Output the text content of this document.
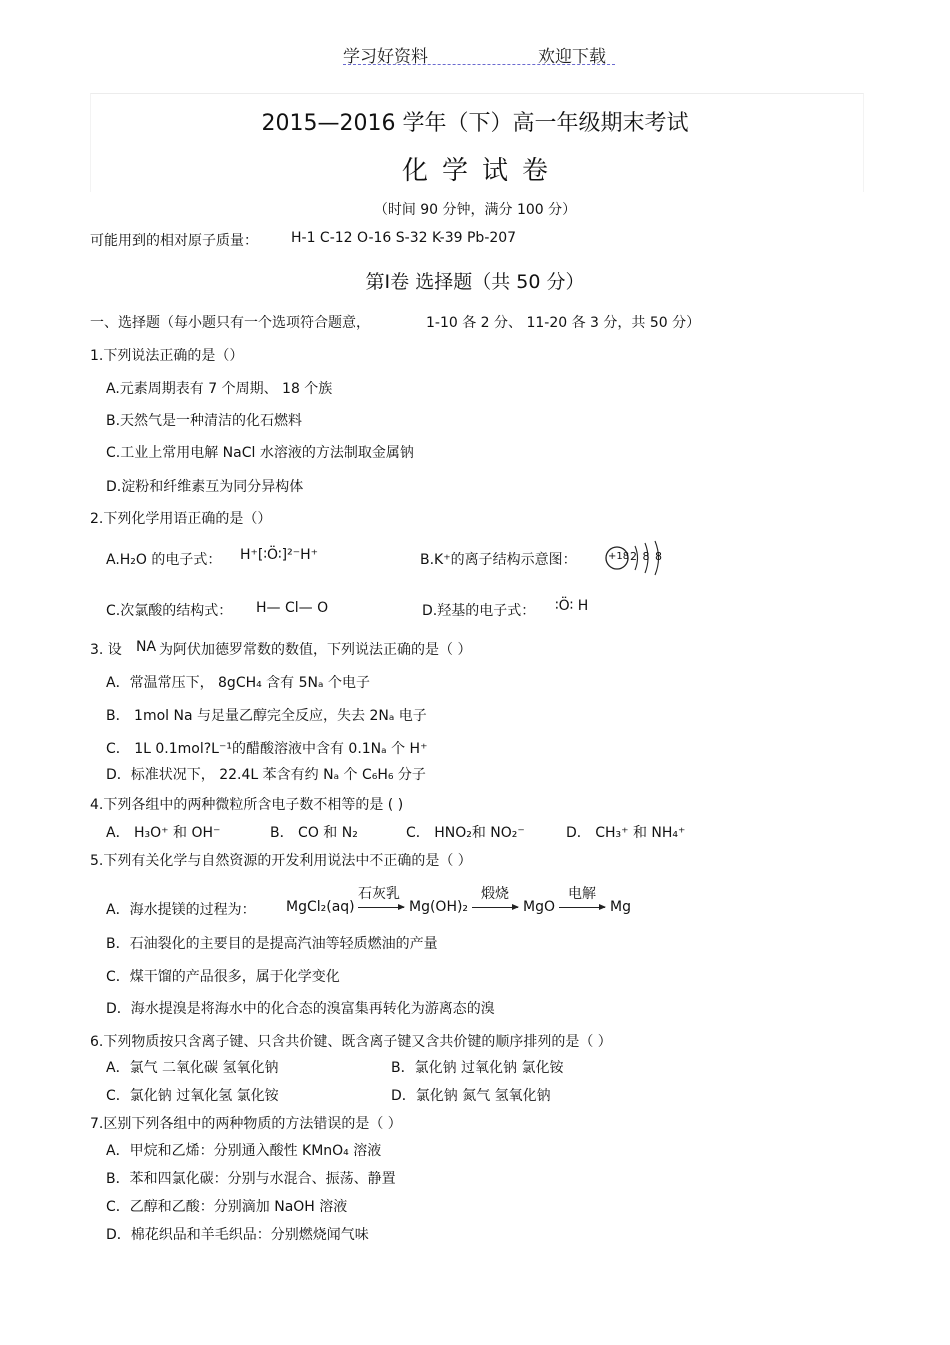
学习好资料	欢迎下载
2015—2016 学年（下）高一年级期末考试
化学试卷
（时间 90 分钟，满分 100 分）
可能用到的相对原子质量： H-1 C-12 O-16 S-32 K-39 Pb-207
第Ⅰ卷 选择题（共 50 分）
一、选择题（每小题只有一个选项符合题意，	1-10 各 2 分、 11-20 各 3 分，共 50 分）
1.下列说法正确的是（）
A.元素周期表有 7 个周期、 18 个族
B.天然气是一种清洁的化石燃料
C.工业上常用电解 NaCl 水溶液的方法制取金属钠
D.淀粉和纤维素互为同分异构体
2.下列化学用语正确的是（）
A.H₂O 的电子式： H⁺[∶Ö∶]²⁻H⁺	B.K⁺的离子结构示意图：	+18 2 8 8
C.次氯酸的结构式： H— Cl— O	D.羟基的电子式： ∶Ö∶ H
3. 设 NA 为阿伏加德罗常数的数值，下列说法正确的是（ ）
A．常温常压下， 8gCH₄ 含有 5Nₐ 个电子
B． 1mol Na 与足量乙醇完全反应，失去 2Nₐ 电子
C． 1L 0.1mol?L⁻¹的醋酸溶液中含有 0.1Nₐ 个 H⁺
D．标准状况下， 22.4L 苯含有约 Nₐ 个 C₆H₆ 分子
4.下列各组中的两种微粒所含电子数不相等的是 ( )
A． H₃O⁺ 和 OH⁻	B． CO 和 N₂	C． HNO₂和 NO₂⁻	D． CH₃⁺ 和 NH₄⁺
5.下列有关化学与自然资源的开发利用说法中不正确的是（ ）
A．海水提镁的过程为： MgCl₂(aq)
石灰乳
→ Mg(OH)₂
煅烧
→ MgO
电解
→ Mg
B．石油裂化的主要目的是提高汽油等轻质燃油的产量
C．煤干馏的产品很多，属于化学变化
D．海水提溴是将海水中的化合态的溴富集再转化为游离态的溴
6.下列物质按只含离子键、只含共价键、既含离子键又含共价键的顺序排列的是（ ）
A．氯气 二氧化碳 氢氧化钠	B．氯化钠 过氧化钠 氯化铵
C．氯化钠 过氧化氢 氯化铵	D．氯化钠 氮气 氢氧化钠
7.区别下列各组中的两种物质的方法错误的是（ ）
A．甲烷和乙烯：分别通入酸性 KMnO₄ 溶液
B．苯和四氯化碳：分别与水混合、振荡、静置
C．乙醇和乙酸：分别滴加 NaOH 溶液
D．棉花织品和羊毛织品：分别燃烧闻气味
